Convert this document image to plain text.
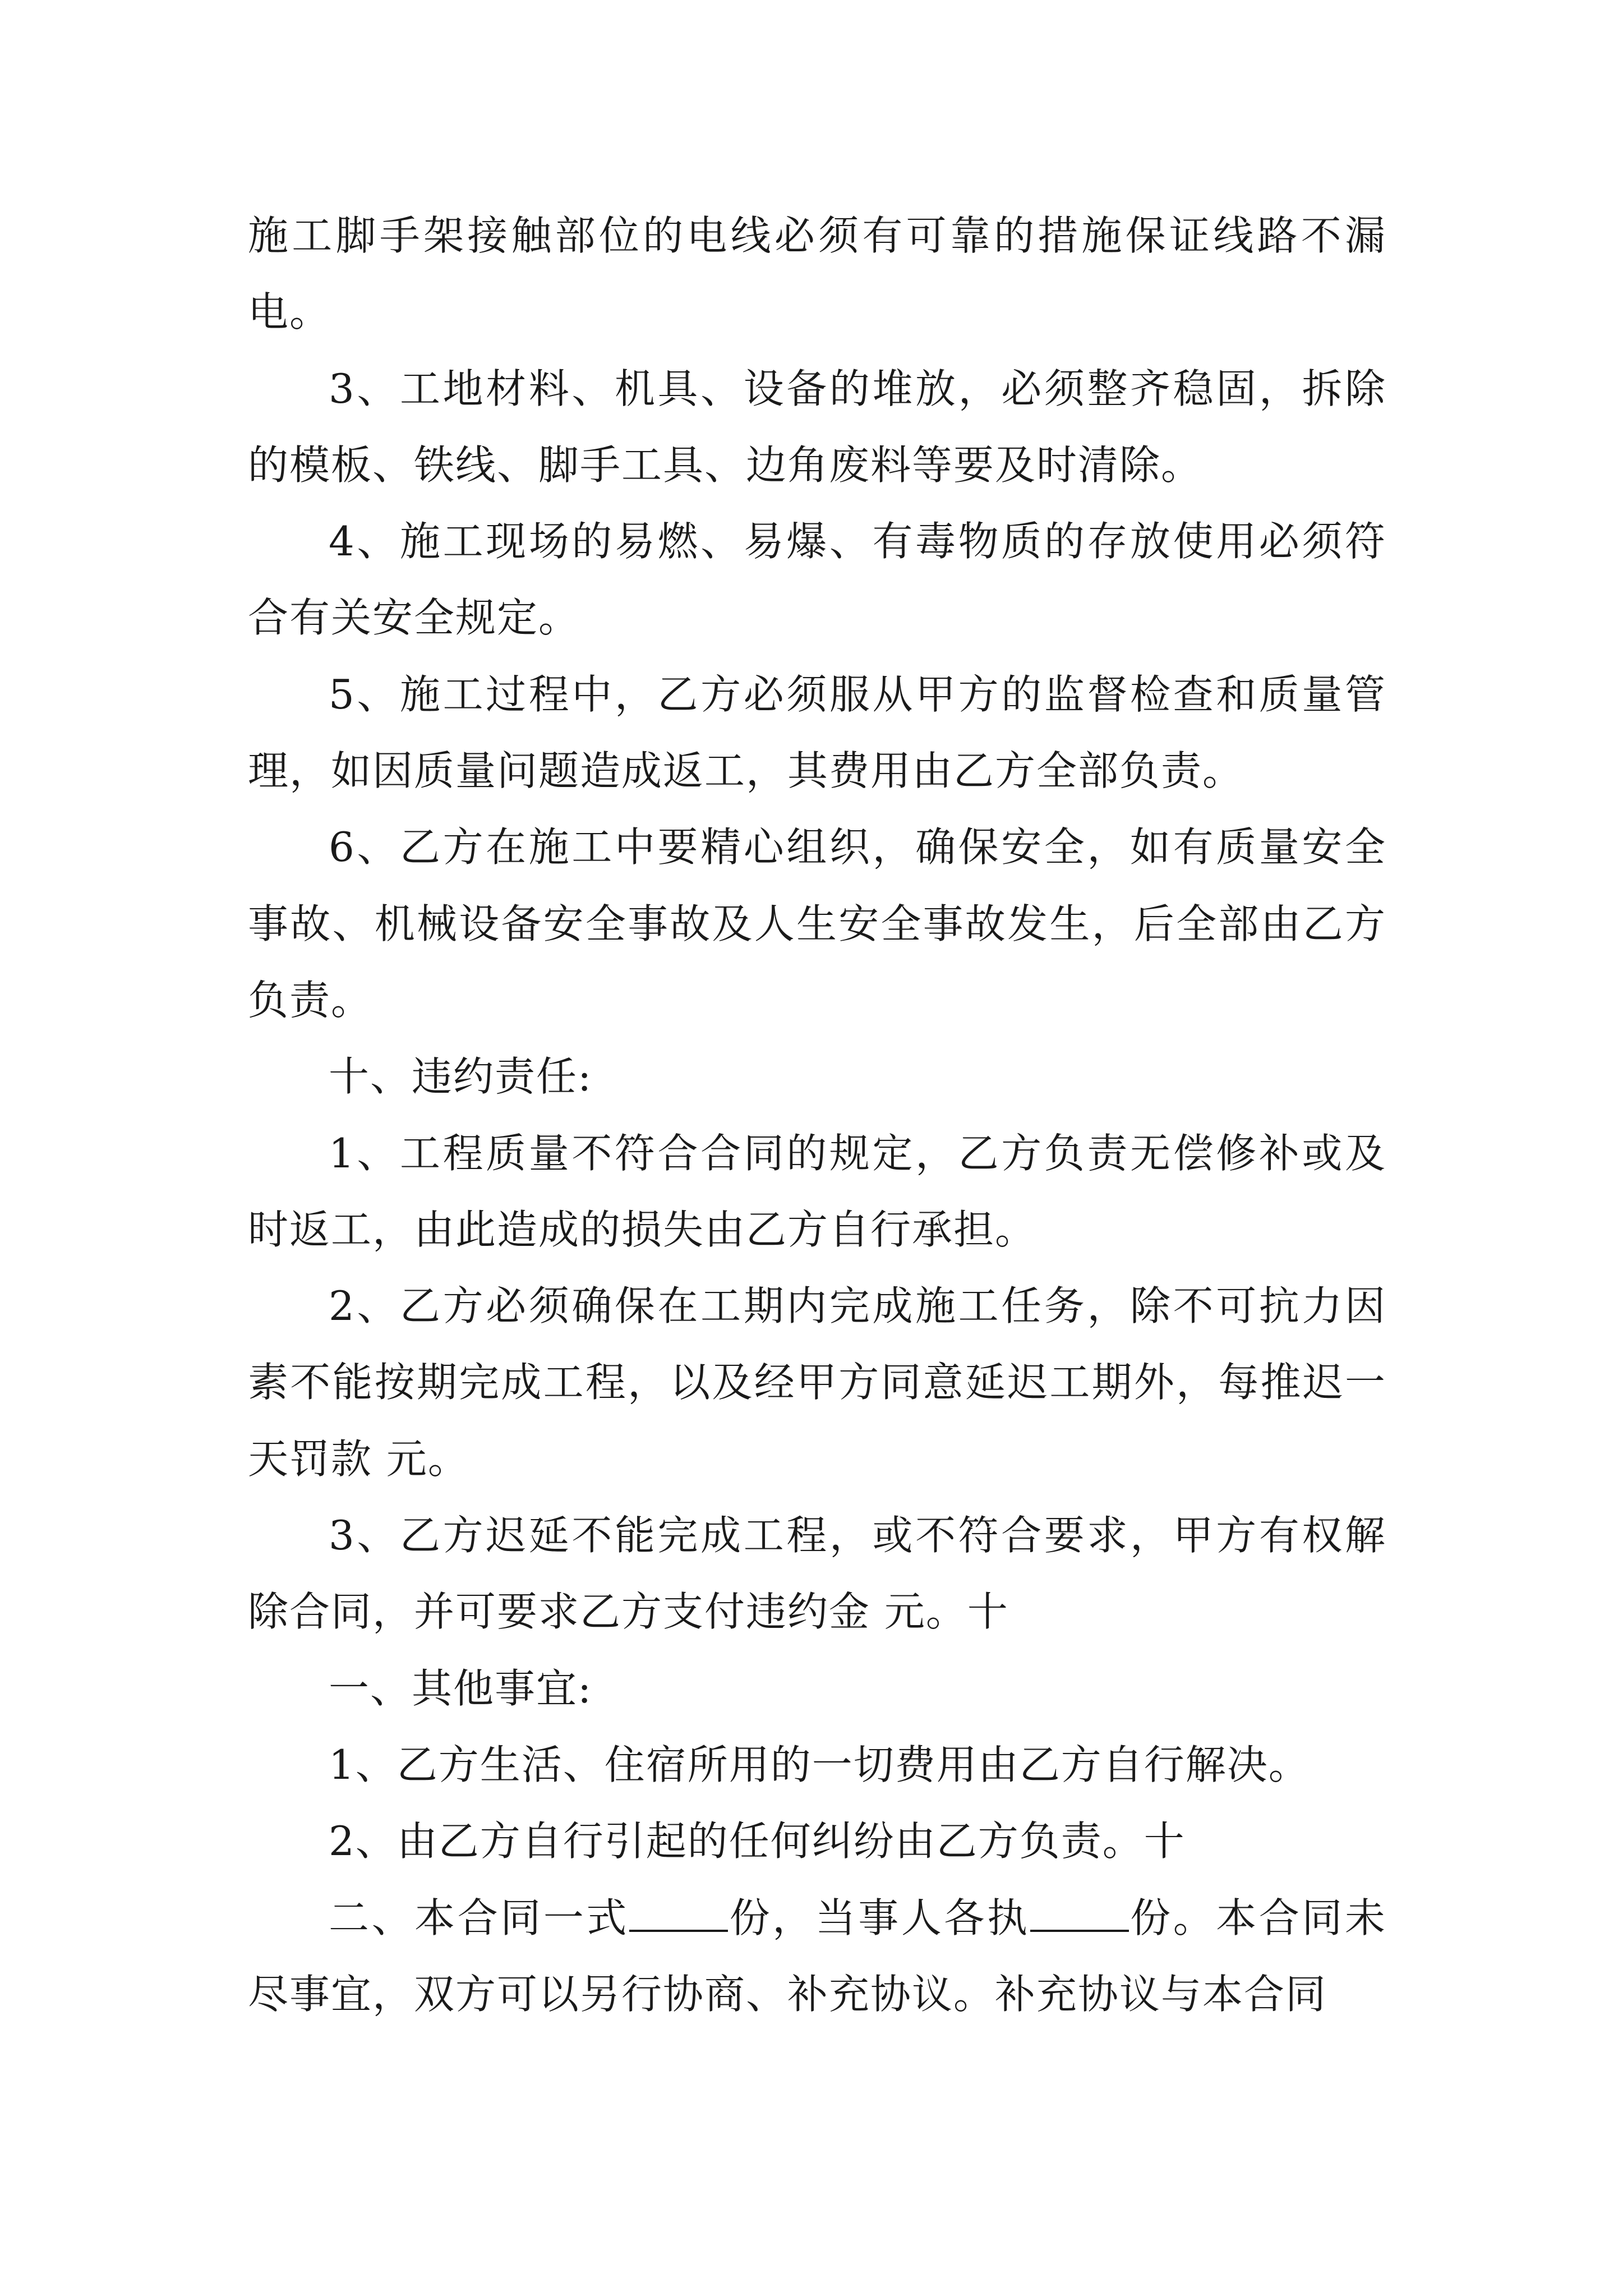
施工脚手架接触部位的电线必须有可靠的措施保证线路不漏电。

3、工地材料、机具、设备的堆放，必须整齐稳固，拆除的模板、铁线、脚手工具、边角废料等要及时清除。

4、施工现场的易燃、易爆、有毒物质的存放使用必须符合有关安全规定。

5、施工过程中，乙方必须服从甲方的监督检查和质量管理，如因质量问题造成返工，其费用由乙方全部负责。

6、乙方在施工中要精心组织，确保安全，如有质量安全事故、机械设备安全事故及人生安全事故发生，后全部由乙方负责。

十、违约责任:

1、工程质量不符合合同的规定，乙方负责无偿修补或及时返工，由此造成的损失由乙方自行承担。

2、乙方必须确保在工期内完成施工任务，除不可抗力因素不能按期完成工程，以及经甲方同意延迟工期外，每推迟一天罚款 元。

3、乙方迟延不能完成工程，或不符合要求，甲方有权解除合同，并可要求乙方支付违约金 元。十

一、其他事宜:

1、乙方生活、住宿所用的一切费用由乙方自行解决。

2、由乙方自行引起的任何纠纷由乙方负责。十

二、本合同一式 份，当事人各执 份。本合同未尽事宜，双方可以另行协商、补充协议。补充协议与本合同
